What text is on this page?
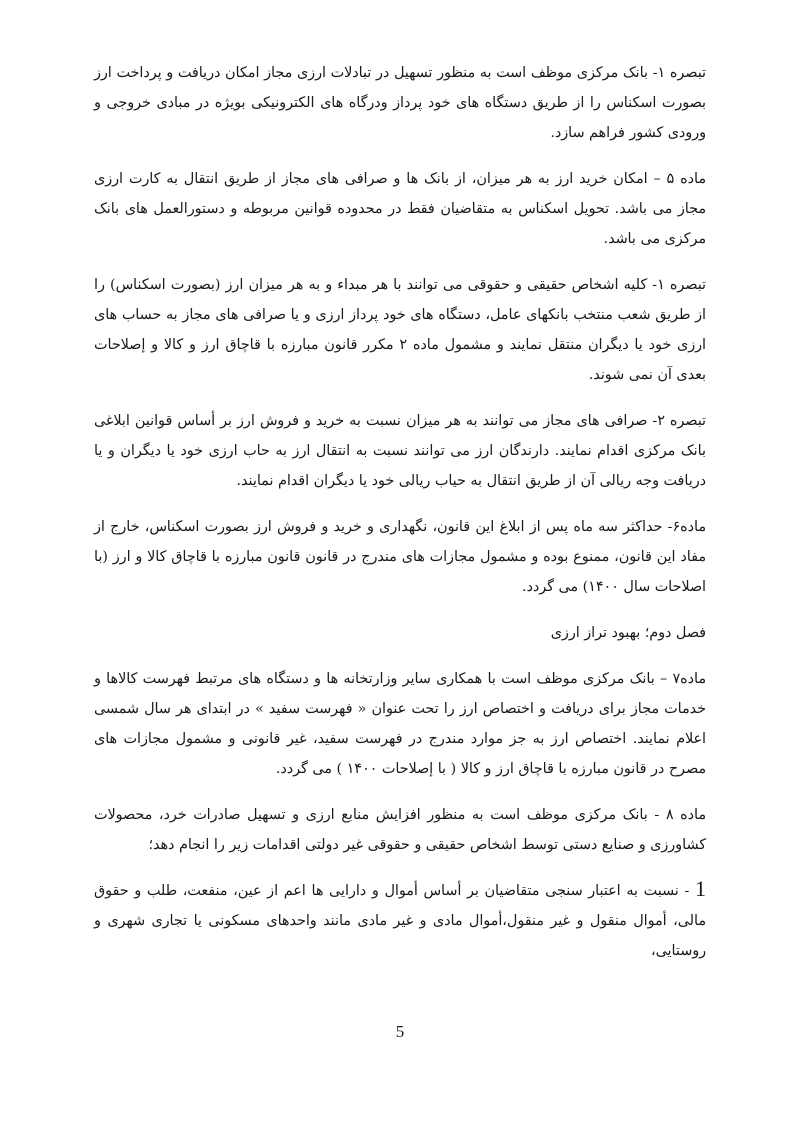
تبصره ۱- بانک مرکزی موظف است به منظور تسهیل در تبادلات ارزی مجاز امکان دریافت و پرداخت ارز بصورت اسکناس را از طریق دستگاه های خود پرداز ودرگاه های الکترونیکی بویژه در مبادی خروجی و ورودی کشور فراهم سازد.

ماده ۵ – امکان خرید ارز به هر میزان، از بانک ها و صرافی های مجاز از طریق انتقال به کارت ارزی مجاز می باشد. تحویل اسکناس به متقاضیان فقط در محدوده قوانین مربوطه و دستورالعمل های بانک مرکزی می باشد.

تبصره ۱- کلیه اشخاص حقیقی و حقوقی می توانند با هر مبداء و به هر میزان ارز (بصورت اسکناس) را از طریق شعب منتخب بانکهای عامل، دستگاه های خود پرداز ارزی و یا صرافی های مجاز به حساب های ارزی خود یا دیگران منتقل نمایند و مشمول ماده ۲ مکرر قانون مبارزه با قاچاق ارز و کالا و إصلاحات بعدی آن نمی شوند.

تبصره ۲- صرافی های مجاز می توانند به هر میزان نسبت به خرید و فروش ارز بر أساس قوانین ابلاغی بانک مرکزی اقدام نمایند. دارندگان ارز می توانند نسبت به انتقال ارز به حاب ارزی خود یا دیگران و یا دریافت وجه ریالی آن از طریق انتقال به حیاب ریالی خود یا دیگران اقدام نمایند.

ماده۶- حداکثر سه ماه پس از ابلاغ این قانون، نگهداری و خرید و فروش ارز بصورت اسکناس، خارج از مفاد این قانون، ممنوع بوده و مشمول مجازات های مندرج در قانون قانون مبارزه با قاچاق کالا و ارز (با اصلاحات سال ۱۴۰۰) می گردد.

فصل دوم؛ بهبود تراز ارزی

ماده۷ – بانک مرکزی موظف است با همکاری سایر وزارتخانه ها و دستگاه های مرتبط فهرست کالاها و خدمات مجاز برای دریافت و اختصاص ارز را تحت عنوان « فهرست سفید » در ابتدای هر سال شمسی اعلام نمایند. اختصاص ارز به جز موارد مندرج در فهرست سفید، غیر قانونی و مشمول مجازات های مصرح در قانون مبارزه با قاچاق ارز و کالا ( با إصلاحات ۱۴۰۰ ) می گردد.

ماده ۸ - بانک مرکزی موظف است به منظور افزایش منابع ارزی و تسهیل صادرات خرد، محصولات کشاورزی و صنایع دستی توسط اشخاص حقیقی و حقوقی غیر دولتی اقدامات زیر را انجام دهد؛

1 - نسبت به اعتبار سنجی متقاضیان بر أساس أموال و دارایی ها اعم از عین، منفعت، طلب و حقوق مالی، أموال منقول و غیر منقول،أموال مادی و غیر مادی مانند واحدهای مسکونی یا تجاری شهری و روستایی،

5
